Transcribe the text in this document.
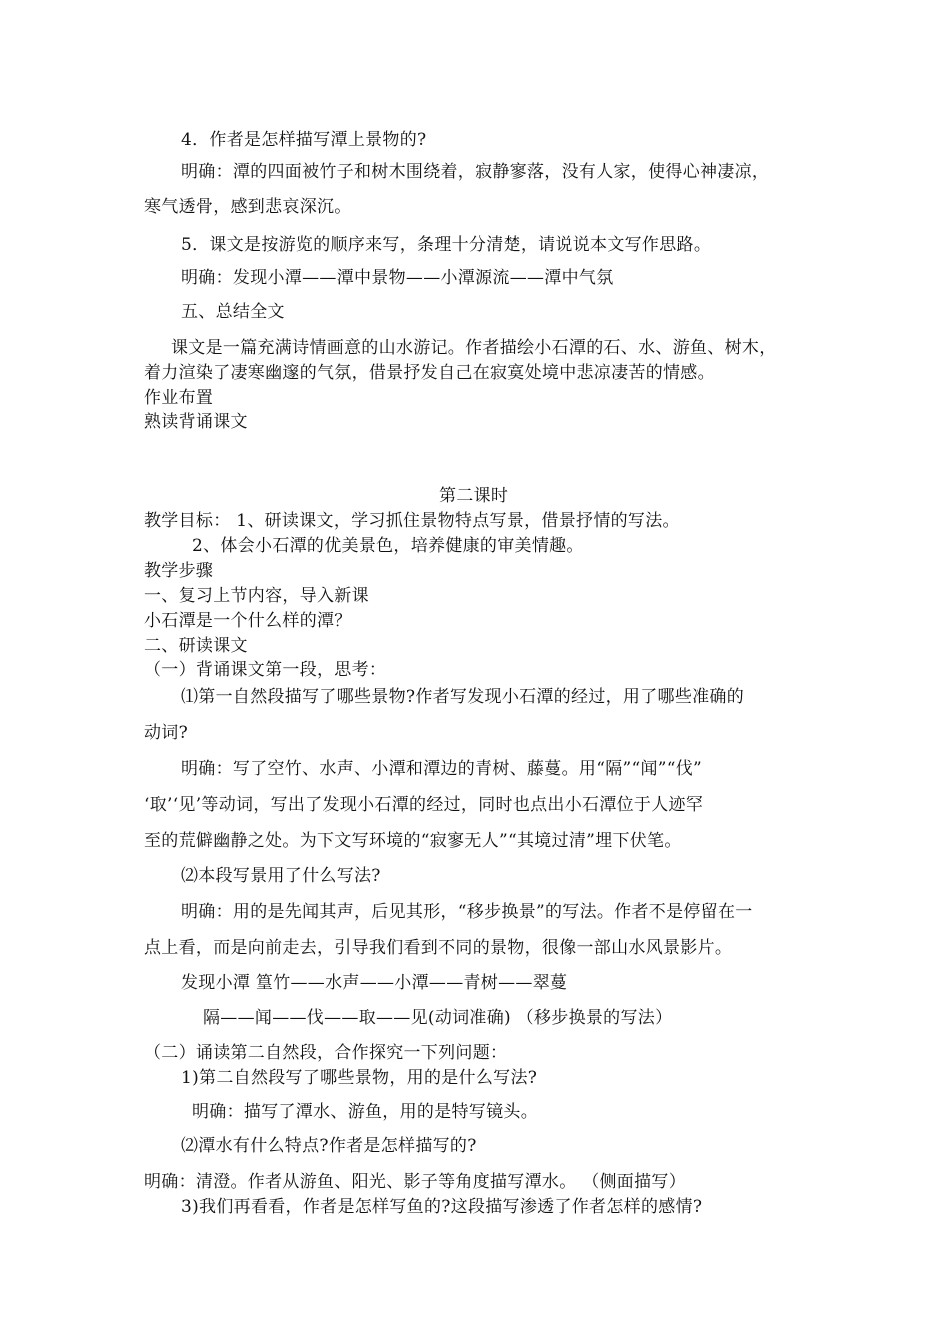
4．作者是怎样描写潭上景物的?
明确：潭的四面被竹子和树木围绕着，寂静寥落，没有人家，使得心神凄凉，
寒气透骨，感到悲哀深沉。
5．课文是按游览的顺序来写，条理十分清楚，请说说本文写作思路。
明确：发现小潭——潭中景物——小潭源流——潭中气氛
五、总结全文
课文是一篇充满诗情画意的山水游记。作者描绘小石潭的石、水、游鱼、树木，
着力渲染了凄寒幽邃的气氛，借景抒发自己在寂寞处境中悲凉凄苦的情感。
作业布置
熟读背诵课文
第二课时
教学目标： 1、研读课文，学习抓住景物特点写景，借景抒情的写法。
2、体会小石潭的优美景色，培养健康的审美情趣。
教学步骤
一、复习上节内容，导入新课
小石潭是一个什么样的潭？
二、研读课文
（一）背诵课文第一段，思考：
⑴第一自然段描写了哪些景物?作者写发现小石潭的经过，用了哪些准确的
动词?
明确：写了空竹、水声、小潭和潭边的青树、藤蔓。用“隔”“闻”“伐”
‘取’‘见’等动词，写出了发现小石潭的经过，同时也点出小石潭位于人迹罕
至的荒僻幽静之处。为下文写环境的“寂寥无人”“其境过清”埋下伏笔。
⑵本段写景用了什么写法?
明确：用的是先闻其声，后见其形，“移步换景”的写法。作者不是停留在一
点上看，而是向前走去，引导我们看到不同的景物，很像一部山水风景影片。
发现小潭 篁竹——水声——小潭——青树——翠蔓
隔——闻——伐——取——见(动词准确) （移步换景的写法）
（二）诵读第二自然段，合作探究一下列问题：
1)第二自然段写了哪些景物，用的是什么写法?
明确：描写了潭水、游鱼，用的是特写镜头。
⑵潭水有什么特点?作者是怎样描写的?
明确：清澄。作者从游鱼、阳光、影子等角度描写潭水。 （侧面描写）
3)我们再看看，作者是怎样写鱼的?这段描写渗透了作者怎样的感情?
